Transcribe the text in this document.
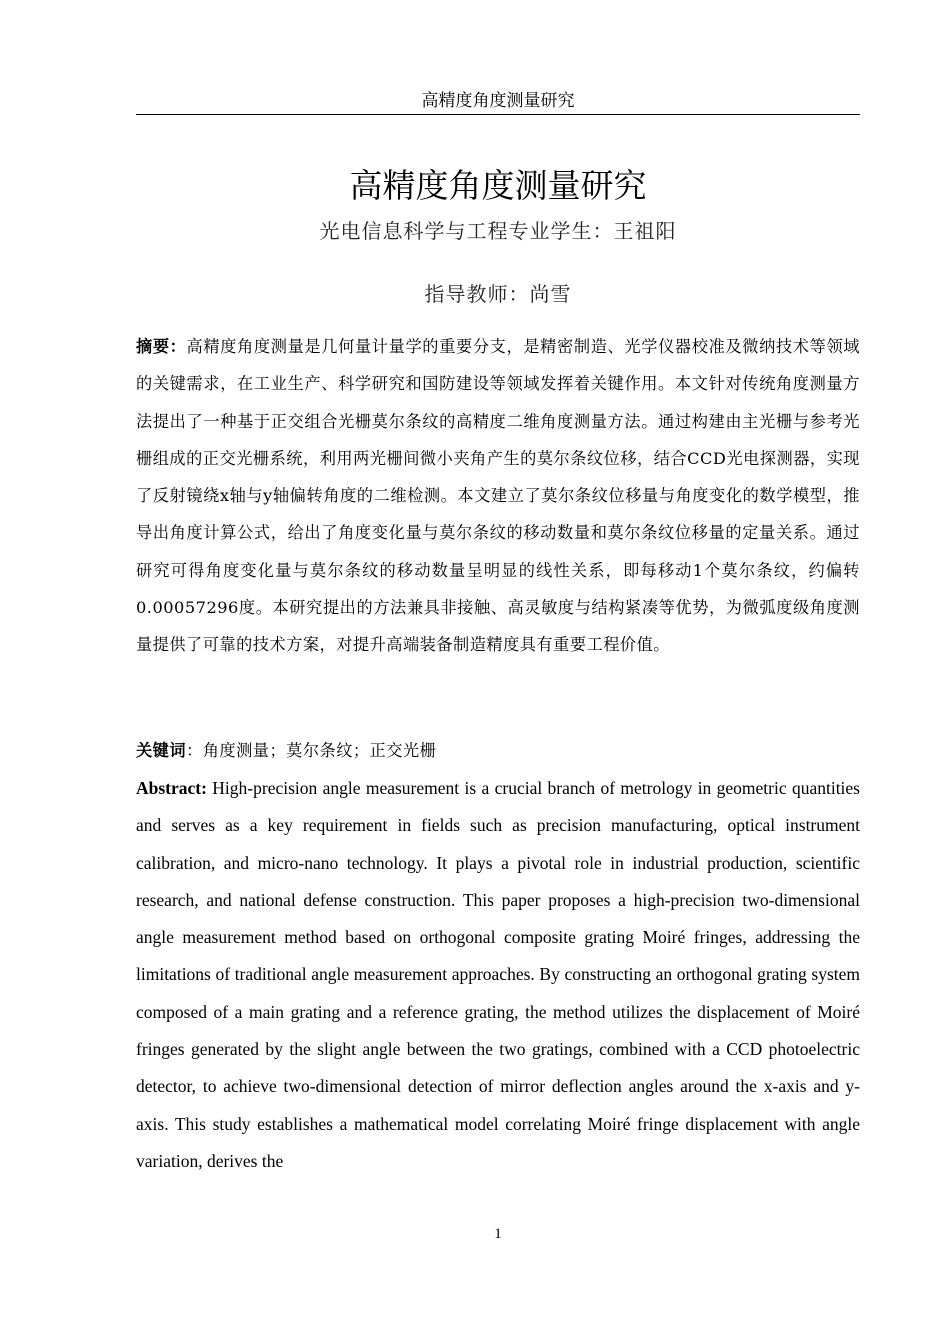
高精度角度测量研究
高精度角度测量研究
光电信息科学与工程专业学生：王祖阳
指导教师：尚雪

摘要：高精度角度测量是几何量计量学的重要分支，是精密制造、光学仪器校准及微纳技术等领域的关键需求，在工业生产、科学研究和国防建设等领域发挥着关键作用。本文针对传统角度测量方法提出了一种基于正交组合光栅莫尔条纹的高精度二维角度测量方法。通过构建由主光栅与参考光栅组成的正交光栅系统，利用两光栅间微小夹角产生的莫尔条纹位移，结合CCD光电探测器，实现了反射镜绕x轴与y轴偏转角度的二维检测。本文建立了莫尔条纹位移量与角度变化的数学模型，推导出角度计算公式，给出了角度变化量与莫尔条纹的移动数量和莫尔条纹位移量的定量关系。通过研究可得角度变化量与莫尔条纹的移动数量呈明显的线性关系，即每移动1个莫尔条纹，约偏转0.00057296度。本研究提出的方法兼具非接触、高灵敏度与结构紧凑等优势，为微弧度级角度测量提供了可靠的技术方案，对提升高端装备制造精度具有重要工程价值。

关键词：角度测量；莫尔条纹；正交光栅

Abstract: High-precision angle measurement is a crucial branch of metrology in geometric quantities and serves as a key requirement in fields such as precision manufacturing, optical instrument calibration, and micro-nano technology. It plays a pivotal role in industrial production, scientific research, and national defense construction. This paper proposes a high-precision two-dimensional angle measurement method based on orthogonal composite grating Moiré fringes, addressing the limitations of traditional angle measurement approaches. By constructing an orthogonal grating system composed of a main grating and a reference grating, the method utilizes the displacement of Moiré fringes generated by the slight angle between the two gratings, combined with a CCD photoelectric detector, to achieve two-dimensional detection of mirror deflection angles around the x-axis and y-axis. This study establishes a mathematical model correlating Moiré fringe displacement with angle variation, derives the

1
